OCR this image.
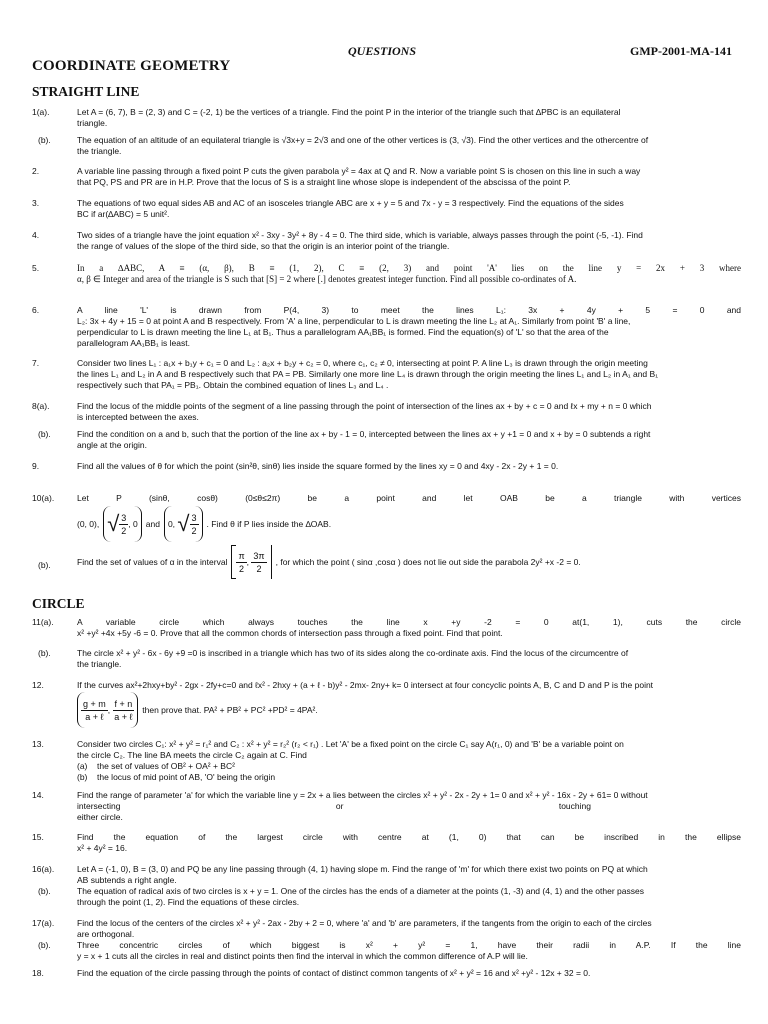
QUESTIONS	GMP-2001-MA-141
COORDINATE GEOMETRY
STRAIGHT LINE
1(a).	Let A = (6, 7), B = (2, 3) and C = (-2, 1) be the vertices of a triangle. Find the point P in the interior of the triangle such that ∆PBC is an equilateral
triangle.
(b).	The equation of an altitude of an equilateral triangle is √3x+y = 2√3 and one of the other vertices is (3, √3). Find the other vertices and the othercentre of
the triangle.
2.	A variable line passing through a fixed point P cuts the given parabola y² = 4ax at Q and R. Now a variable point S is chosen on this line in such a way
that PQ, PS and PR are in H.P. Prove that the locus of S is a straight line whose slope is independent of the abscissa of the point P.
3.	The equations of two equal sides AB and AC of an isosceles triangle ABC are x + y = 5 and 7x - y = 3 respectively. Find the equations of the sides
BC if ar(∆ABC) = 5 unit².
4.	Two sides of a triangle have the joint equation x² - 3xy - 3y² + 8y - 4 = 0. The third side, which is variable, always passes through the point (-5, -1). Find
the range of values of the slope of the third side, so that the origin is an interior point of the triangle.
5.	In a ∆ABC, A ≡ (α, β), B ≡ (1, 2), C ≡ (2, 3) and point 'A' lies on the line y = 2x + 3 where
α, β ∈ Integer and area of the triangle is S such that [S] = 2 where [.] denotes greatest integer function. Find all possible co-ordinates of A.
6.	A line 'L' is drawn from P(4, 3) to meet the lines L₁: 3x + 4y + 5 = 0 and
L₂: 3x + 4y + 15 = 0 at point A and B respectively. From 'A' a line, perpendicular to L is drawn meeting the line L₂ at A₁. Similarly from point 'B' a line,
perpendicular to L is drawn meeting the line L₁ at B₁. Thus a parallelogram AA₁BB₁ is formed. Find the equation(s) of 'L' so that the area of the
parallelogram AA₁BB₁ is least.
7.	Consider two lines L₁ : a₁x + b₁y + c₁ = 0 and L₂ : a₂x + b₂y + c₂ = 0, where c₁, c₂ ≠ 0, intersecting at point P. A line L₃ is drawn through the origin meeting
the lines L₁ and L₂ in A and B respectively such that PA = PB. Similarly one more line L₄ is drawn through the origin meeting the lines L₁ and L₂ in A₁ and B₁
respectively such that PA₁ = PB₁. Obtain the combined equation of lines L₃ and L₄ .
8(a).	Find the locus of the middle points of the segment of a line passing through the point of intersection of the lines ax + by + c = 0 and ℓx + my + n = 0 which
is intercepted between the axes.
(b).	Find the condition on a and b, such that the portion of the line ax + by - 1 = 0, intercepted between the lines ax + y +1 = 0 and x + by = 0 subtends a right
angle at the origin.
9.	Find all the values of θ for which the point (sin²θ, sinθ) lies inside the square formed by the lines xy = 0 and 4xy - 2x - 2y + 1 = 0.
10(a).	Let P (sinθ, cosθ) (0≤θ≤2π) be a point and let OAB be a triangle with vertices
(0, 0), √ $\frac{3}{2}$ , 0 and 0,
√ $\frac{3}{2}$ . Find θ if P lies inside the ∆OAB.
(b).	Find the set of values of α in the interval $\frac{\pi}{2}$ , $\frac{3\pi}{2}$ , for which the point ( sinα ,cosα ) does not lie out side the parabola 2y² +x -2 = 0.
CIRCLE
11(a).	A variable circle which always touches the line x +y -2 = 0 at(1, 1), cuts the circle
x² +y² +4x +5y -6 = 0. Prove that all the common chords of intersection pass through a fixed point. Find that point.
(b).	The circle x² + y² - 6x - 6y +9 =0 is inscribed in a triangle which has two of its sides along the co-ordinate axis. Find the locus of the circumcentre of
the triangle.
12.	If the curves ax²+2hxy+by² - 2gx - 2fy+c=0 and ℓx² - 2hxy + (a + ℓ - b)y² - 2mx- 2ny+ k= 0 intersect at four concyclic points A, B, C and D and P is the point
$\frac{g + m}{\text{a + ℓ}}$ , $\frac{f + n}{\text{a + ℓ}}$ then prove that. PA² + PB² + PC² +PD² = 4PA².
13.	Consider two circles C₁: x² + y² = r₁² and C₂ : x² + y² = r₂² (r₂ < r₁) . Let 'A' be a fixed point on the circle C₁ say A(r₁, 0) and 'B' be a variable point on
the circle C₂. The line BA meets the circle C₂ again at C. Find
(a) the set of values of OB² + OA² + BC²
(b) the locus of mid point of AB, 'O' being the origin
14.	Find the range of parameter 'a' for which the variable line y = 2x + a lies between the circles x² + y² - 2x - 2y + 1= 0 and x² + y² - 16x - 2y + 61= 0 without
intersecting	or	touching
either circle.
15.	Find the equation of the largest circle with centre at (1, 0) that can be inscribed in the ellipse
x² + 4y² = 16.
16(a).	Let A = (-1, 0), B = (3, 0) and PQ be any line passing through (4, 1) having slope m. Find the range of 'm' for which there exist two points on PQ at which
AB subtends a right angle.
(b).	The equation of radical axis of two circles is x + y = 1. One of the circles has the ends of a diameter at the points (1, -3) and (4, 1) and the other passes
through the point (1, 2). Find the equations of these circles.
17(a).	Find the locus of the centers of the circles x² + y² - 2ax - 2by + 2 = 0, where 'a' and 'b' are parameters, if the tangents from the origin to each of the circles
are orthogonal.
(b).	Three concentric circles of which biggest is x² + y² = 1, have their radii in A.P. If the line
y = x + 1 cuts all the circles in real and distinct points then find the interval in which the common difference of A.P will lie.
18.	Find the equation of the circle passing through the points of contact of distinct common tangents of x² + y² = 16 and x² +y² - 12x + 32 = 0.
